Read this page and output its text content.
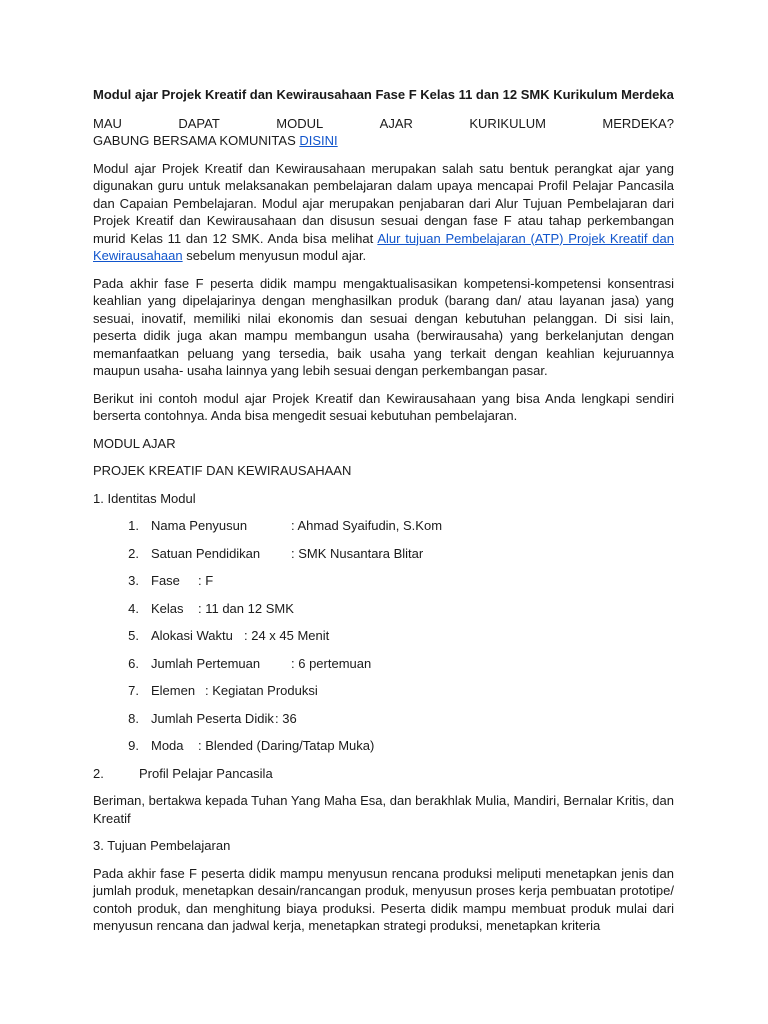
Modul ajar Projek Kreatif dan Kewirausahaan Fase F Kelas 11 dan 12 SMK Kurikulum Merdeka

MAU	DAPAT	MODUL	AJAR	KURIKULUM	MERDEKA?

GABUNG BERSAMA KOMUNITAS DISINI

Modul ajar Projek Kreatif dan Kewirausahaan merupakan salah satu bentuk perangkat ajar yang digunakan guru untuk melaksanakan pembelajaran dalam upaya mencapai Profil Pelajar Pancasila dan Capaian Pembelajaran. Modul ajar merupakan penjabaran dari Alur Tujuan Pembelajaran dari Projek Kreatif dan Kewirausahaan dan disusun sesuai dengan fase F atau tahap perkembangan murid Kelas 11 dan 12 SMK. Anda bisa melihat Alur tujuan Pembelajaran (ATP) Projek Kreatif dan Kewirausahaan sebelum menyusun modul ajar.

Pada akhir fase F peserta didik mampu mengaktualisasikan kompetensi-kompetensi konsentrasi keahlian yang dipelajarinya dengan menghasilkan produk (barang dan/ atau layanan jasa) yang sesuai, inovatif, memiliki nilai ekonomis dan sesuai dengan kebutuhan pelanggan. Di sisi lain, peserta didik juga akan mampu membangun usaha (berwirausaha) yang berkelanjutan dengan memanfaatkan peluang yang tersedia, baik usaha yang terkait dengan keahlian kejuruannya maupun usaha- usaha lainnya yang lebih sesuai dengan perkembangan pasar.

Berikut ini contoh modul ajar Projek Kreatif dan Kewirausahaan yang bisa Anda lengkapi sendiri berserta contohnya. Anda bisa mengedit sesuai kebutuhan pembelajaran.

MODUL AJAR

PROJEK KREATIF DAN KEWIRAUSAHAAN

1. Identitas Modul

1. Nama Penyusun	: Ahmad Syaifudin, S.Kom
2. Satuan Pendidikan : SMK Nusantara Blitar
3. Fase : F
4. Kelas : 11 dan 12 SMK
5. Alokasi Waktu : 24 x 45 Menit
6. Jumlah Pertemuan : 6 pertemuan
7. Elemen : Kegiatan Produksi
8. Jumlah Peserta Didik: 36
9. Moda : Blended (Daring/Tatap Muka)

2.	Profil Pelajar Pancasila

Beriman, bertakwa kepada Tuhan Yang Maha Esa, dan berakhlak Mulia, Mandiri, Bernalar Kritis, dan Kreatif

3. Tujuan Pembelajaran

Pada akhir fase F peserta didik mampu menyusun rencana produksi meliputi menetapkan jenis dan jumlah produk, menetapkan desain/rancangan produk, menyusun proses kerja pembuatan prototipe/ contoh produk, dan menghitung biaya produksi. Peserta didik mampu membuat produk mulai dari menyusun rencana dan jadwal kerja, menetapkan strategi produksi, menetapkan kriteria
